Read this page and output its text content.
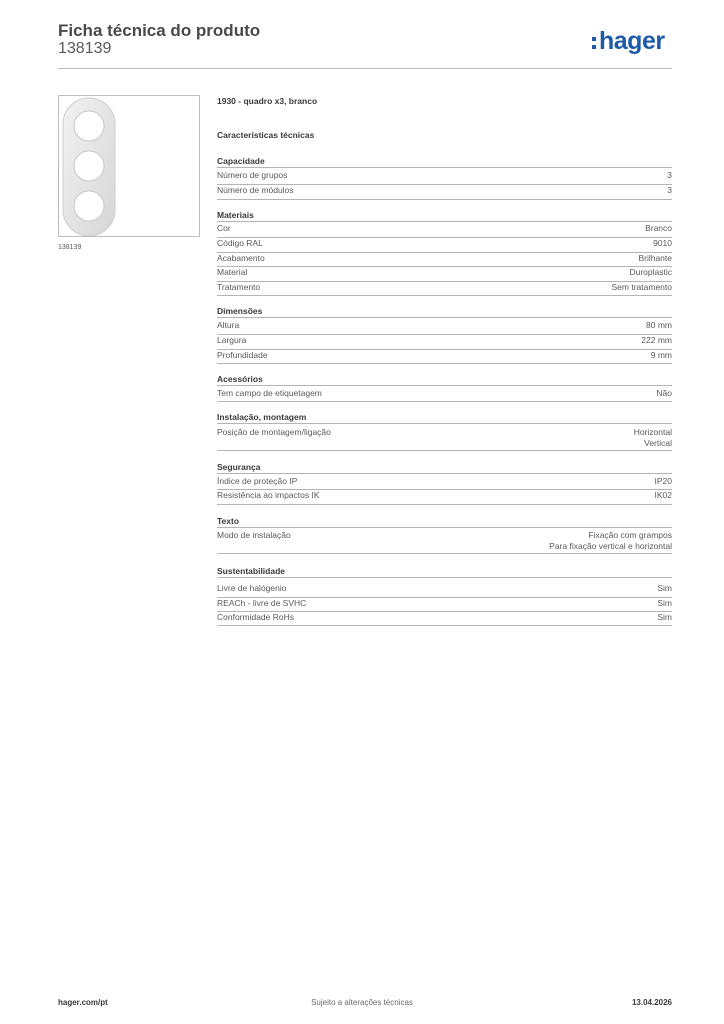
Ficha técnica do produto
138139	hager
138139
1930 - quadro x3, branco
Características técnicas
Capacidade
Número de grupos	3
Número de módulos	3
Materiais
Cor	Branco
Código RAL	9010
Acabamento	Brilhante
Material	Duroplastic
Tratamento	Sem tratamento
Dimensões
Altura	80 mm
Largura	222 mm
Profundidade	9 mm
Acessórios
Tem campo de etiquetagem	Não
Instalação, montagem
Posição de montagem/ligação	Horizontal
Vertical
Segurança
Índice de proteção IP	IP20
Resistência ao impactos IK	IK02
Texto
Modo de instalação	Fixação com grampos
Para fixação vertical e horizontal
Sustentabilidade
Livre de halógenio	Sim
REACh - livre de SVHC	Sim
Conformidade RoHs	Sim
hager.com/pt	Sujeito a alterações técnicas	13.04.2026
